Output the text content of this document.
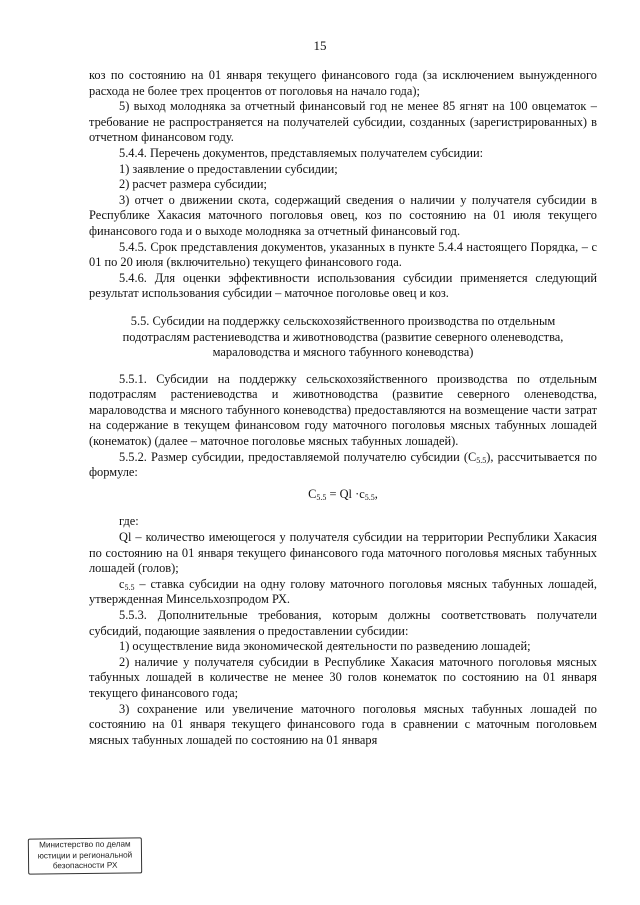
15

коз по состоянию на 01 января текущего финансового года (за исключением вынужденного расхода не более трех процентов от поголовья на начало года);

5) выход молодняка за отчетный финансовый год не менее 85 ягнят на 100 овцематок – требование не распространяется на получателей субсидии, созданных (зарегистрированных) в отчетном финансовом году.

5.4.4. Перечень документов, представляемых получателем субсидии:

1) заявление о предоставлении субсидии;

2) расчет размера субсидии;

3) отчет о движении скота, содержащий сведения о наличии у получателя субсидии в Республике Хакасия маточного поголовья овец, коз по состоянию на 01 июля текущего финансового года и о выходе молодняка за отчетный финансовый год.

5.4.5. Срок представления документов, указанных в пункте 5.4.4 настоящего Порядка, – с 01 по 20 июля (включительно) текущего финансового года.

5.4.6. Для оценки эффективности использования субсидии применяется следующий результат использования субсидии – маточное поголовье овец и коз.

5.5. Субсидии на поддержку сельскохозяйственного производства по отдельным
подотраслям растениеводства и животноводства (развитие северного оленеводства,
мараловодства и мясного табунного коневодства)

5.5.1. Субсидии на поддержку сельскохозяйственного производства по отдельным подотраслям растениеводства и животноводства (развитие северного оленеводства, мараловодства и мясного табунного коневодства) предоставляются на возмещение части затрат на содержание в текущем финансовом году маточного поголовья мясных табунных лошадей (конематок) (далее – маточное поголовье мясных табунных лошадей).

5.5.2. Размер субсидии, предоставляемой получателю субсидии $(С_{5.5})$, рассчитывается по формуле:

$С_{5.5} = Ql \cdot с_{5.5}$,

где:

Ql – количество имеющегося у получателя субсидии на территории Республики Хакасия по состоянию на 01 января текущего финансового года маточного поголовья мясных табунных лошадей (голов);

$с_{5.5}$ – ставка субсидии на одну голову маточного поголовья мясных табунных лошадей, утвержденная Минсельхозпродом РХ.

5.5.3. Дополнительные требования, которым должны соответствовать получатели субсидий, подающие заявления о предоставлении субсидии:

1) осуществление вида экономической деятельности по разведению лошадей;

2) наличие у получателя субсидии в Республике Хакасия маточного поголовья мясных табунных лошадей в количестве не менее 30 голов конематок по состоянию на 01 января текущего финансового года;

3) сохранение или увеличение маточного поголовья мясных табунных лошадей по состоянию на 01 января текущего финансового года в сравнении с маточным поголовьем мясных табунных лошадей по состоянию на 01 января

Министерство по делам
юстиции и региональной
безопасности РХ
